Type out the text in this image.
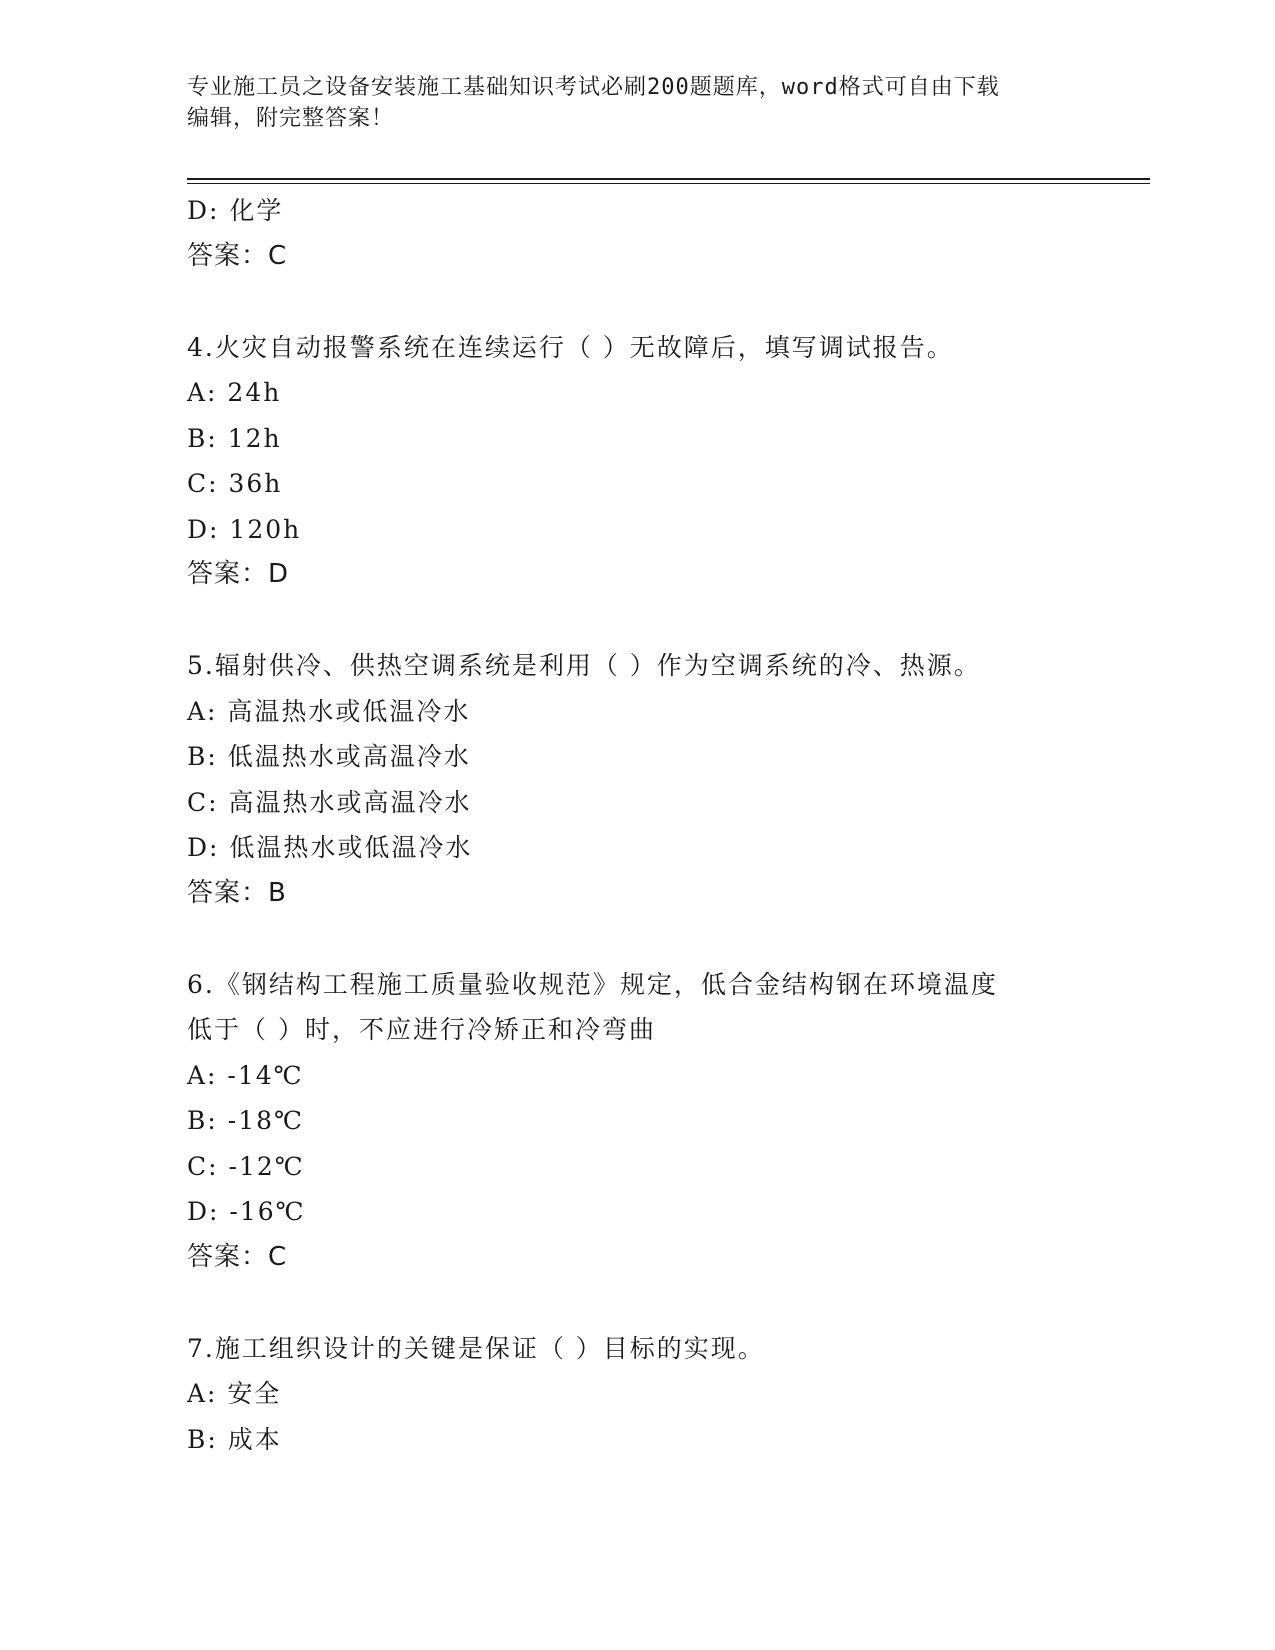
专业施工员之设备安装施工基础知识考试必刷200题题库，word格式可自由下载
编辑，附完整答案！
D: 化学
答案：C
4.火灾自动报警系统在连续运行（ ）无故障后，填写调试报告。
A: 24h
B: 12h
C: 36h
D: 120h
答案：D
5.辐射供冷、供热空调系统是利用（ ）作为空调系统的冷、热源。
A: 高温热水或低温冷水
B: 低温热水或高温冷水
C: 高温热水或高温冷水
D: 低温热水或低温冷水
答案：B
6.《钢结构工程施工质量验收规范》规定，低合金结构钢在环境温度
低于（ ）时，不应进行冷矫正和冷弯曲
A: -14℃
B: -18℃
C: -12℃
D: -16℃
答案：C
7.施工组织设计的关键是保证（ ）目标的实现。
A: 安全
B: 成本
